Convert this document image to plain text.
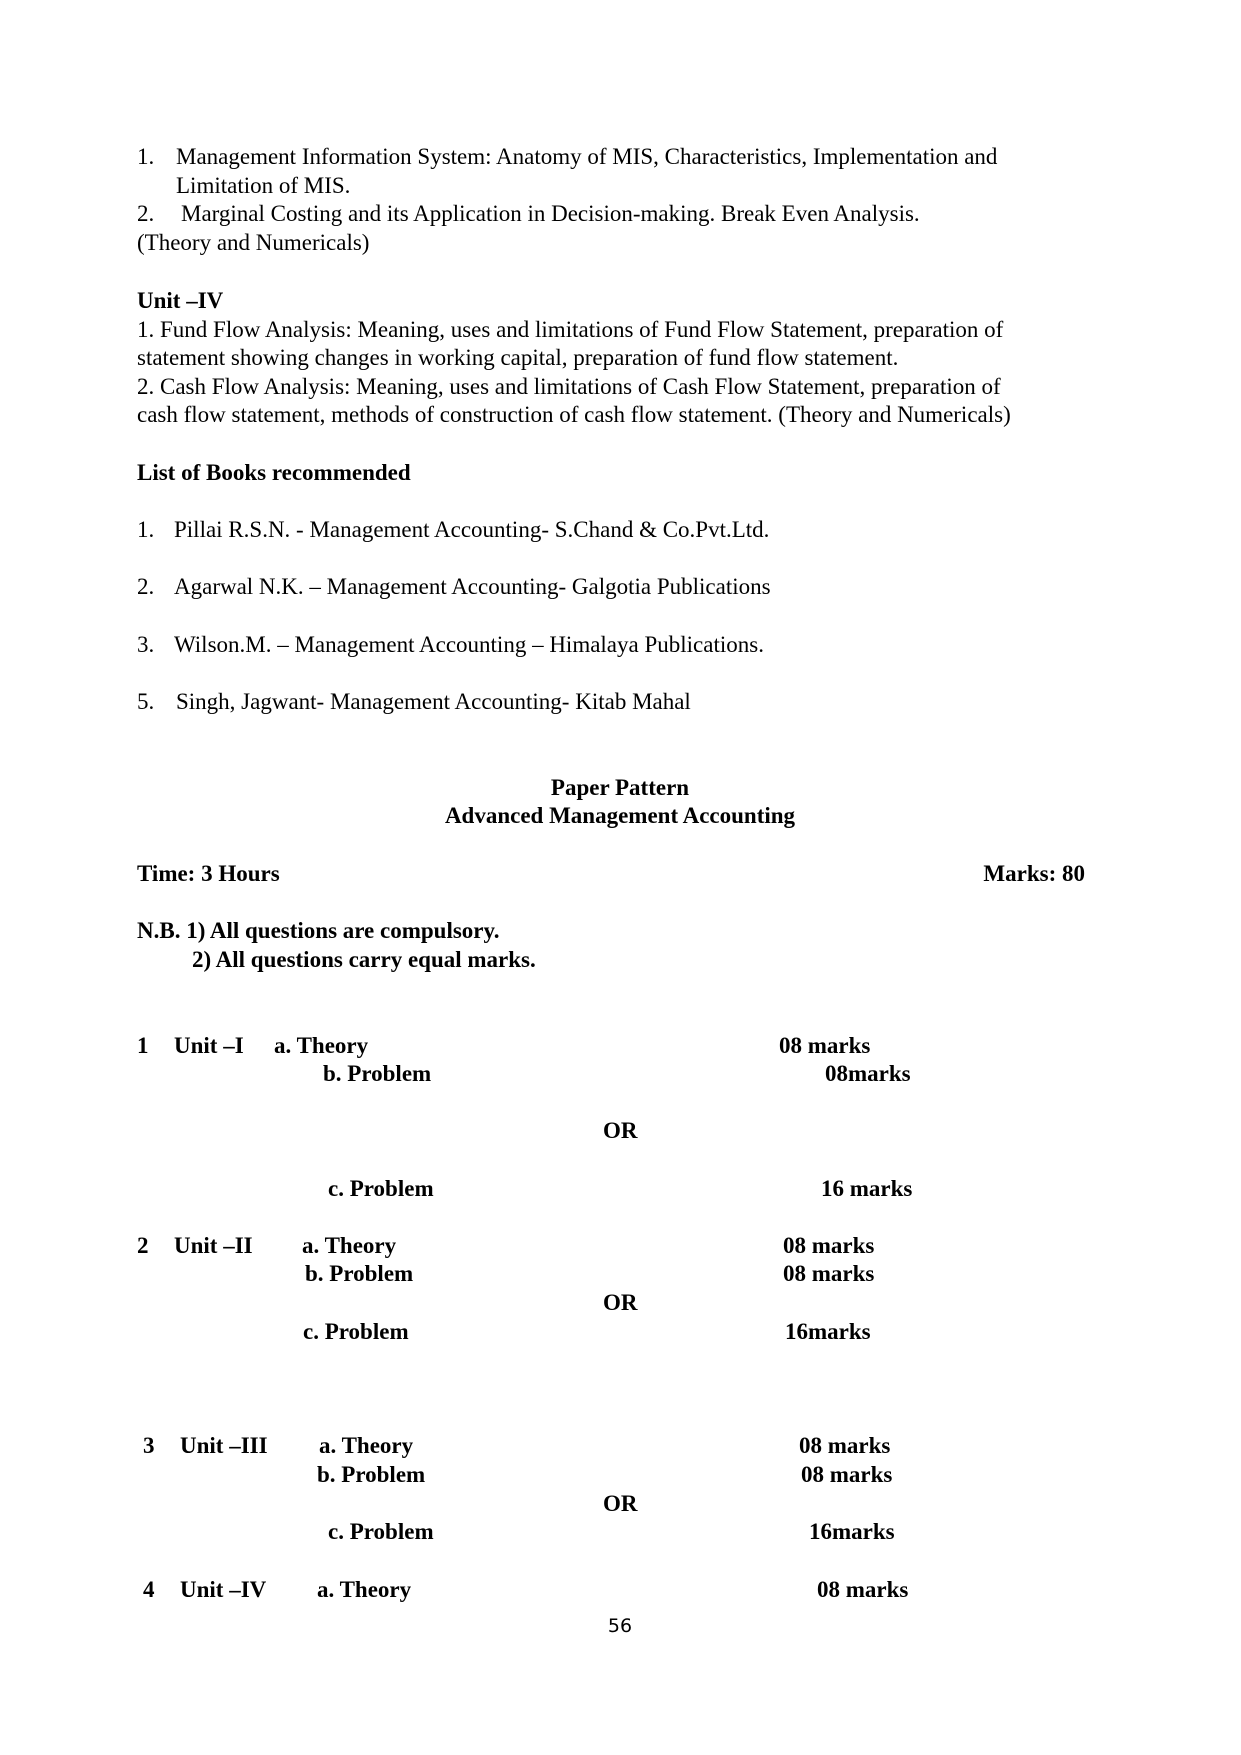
1. Management Information System: Anatomy of MIS, Characteristics, Implementation and
Limitation of MIS.
2. Marginal Costing and its Application in Decision-making. Break Even Analysis.
(Theory and Numericals)
Unit –IV
1. Fund Flow Analysis: Meaning, uses and limitations of Fund Flow Statement, preparation of
statement showing changes in working capital, preparation of fund flow statement.
2. Cash Flow Analysis: Meaning, uses and limitations of Cash Flow Statement, preparation of
cash flow statement, methods of construction of cash flow statement. (Theory and Numericals)
List of Books recommended
1. Pillai R.S.N. - Management Accounting- S.Chand & Co.Pvt.Ltd.
2. Agarwal N.K. – Management Accounting- Galgotia Publications
3. Wilson.M. – Management Accounting – Himalaya Publications.
5. Singh, Jagwant- Management Accounting- Kitab Mahal
Paper Pattern
Advanced Management Accounting
Time: 3 Hours	Marks: 80
N.B. 1) All questions are compulsory.
2) All questions carry equal marks.
1 Unit –I a. Theory	08 marks
b. Problem	08marks
OR
c. Problem	16 marks
2 Unit –II a. Theory	08 marks
b. Problem	08 marks
OR
c. Problem	16marks
3 Unit –III a. Theory	08 marks
b. Problem	08 marks
OR
c. Problem	16marks
4 Unit –IV a. Theory	08 marks
56
